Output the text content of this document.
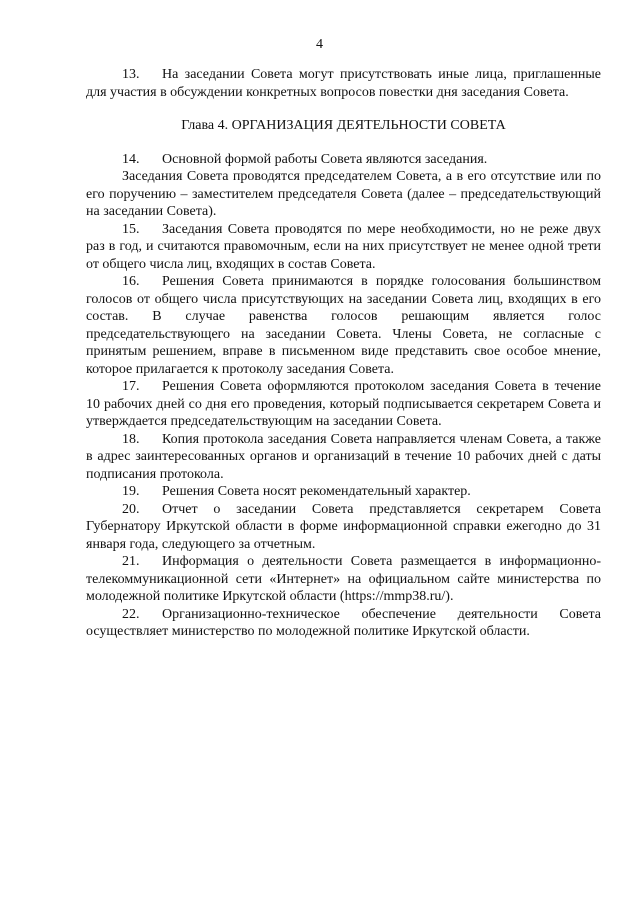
4

13. На заседании Совета могут присутствовать иные лица, приглашенные для участия в обсуждении конкретных вопросов повестки дня заседания Совета.

Глава 4. ОРГАНИЗАЦИЯ ДЕЯТЕЛЬНОСТИ СОВЕТА

14. Основной формой работы Совета являются заседания.

Заседания Совета проводятся председателем Совета, а в его отсутствие или по его поручению – заместителем председателя Совета (далее – председательствующий на заседании Совета).

15. Заседания Совета проводятся по мере необходимости, но не реже двух раз в год, и считаются правомочным, если на них присутствует не менее одной трети от общего числа лиц, входящих в состав Совета.

16. Решения Совета принимаются в порядке голосования большинством голосов от общего числа присутствующих на заседании Совета лиц, входящих в его состав. В случае равенства голосов решающим является голос председательствующего на заседании Совета. Члены Совета, не согласные с принятым решением, вправе в письменном виде представить свое особое мнение, которое прилагается к протоколу заседания Совета.

17. Решения Совета оформляются протоколом заседания Совета в течение 10 рабочих дней со дня его проведения, который подписывается секретарем Совета и утверждается председательствующим на заседании Совета.

18. Копия протокола заседания Совета направляется членам Совета, а также в адрес заинтересованных органов и организаций в течение 10 рабочих дней с даты подписания протокола.

19. Решения Совета носят рекомендательный характер.

20. Отчет о заседании Совета представляется секретарем Совета Губернатору Иркутской области в форме информационной справки ежегодно до 31 января года, следующего за отчетным.

21. Информация о деятельности Совета размещается в информационно-телекоммуникационной сети «Интернет» на официальном сайте министерства по молодежной политике Иркутской области (https://mmp38.ru/).

22. Организационно-техническое обеспечение деятельности Совета осуществляет министерство по молодежной политике Иркутской области.
